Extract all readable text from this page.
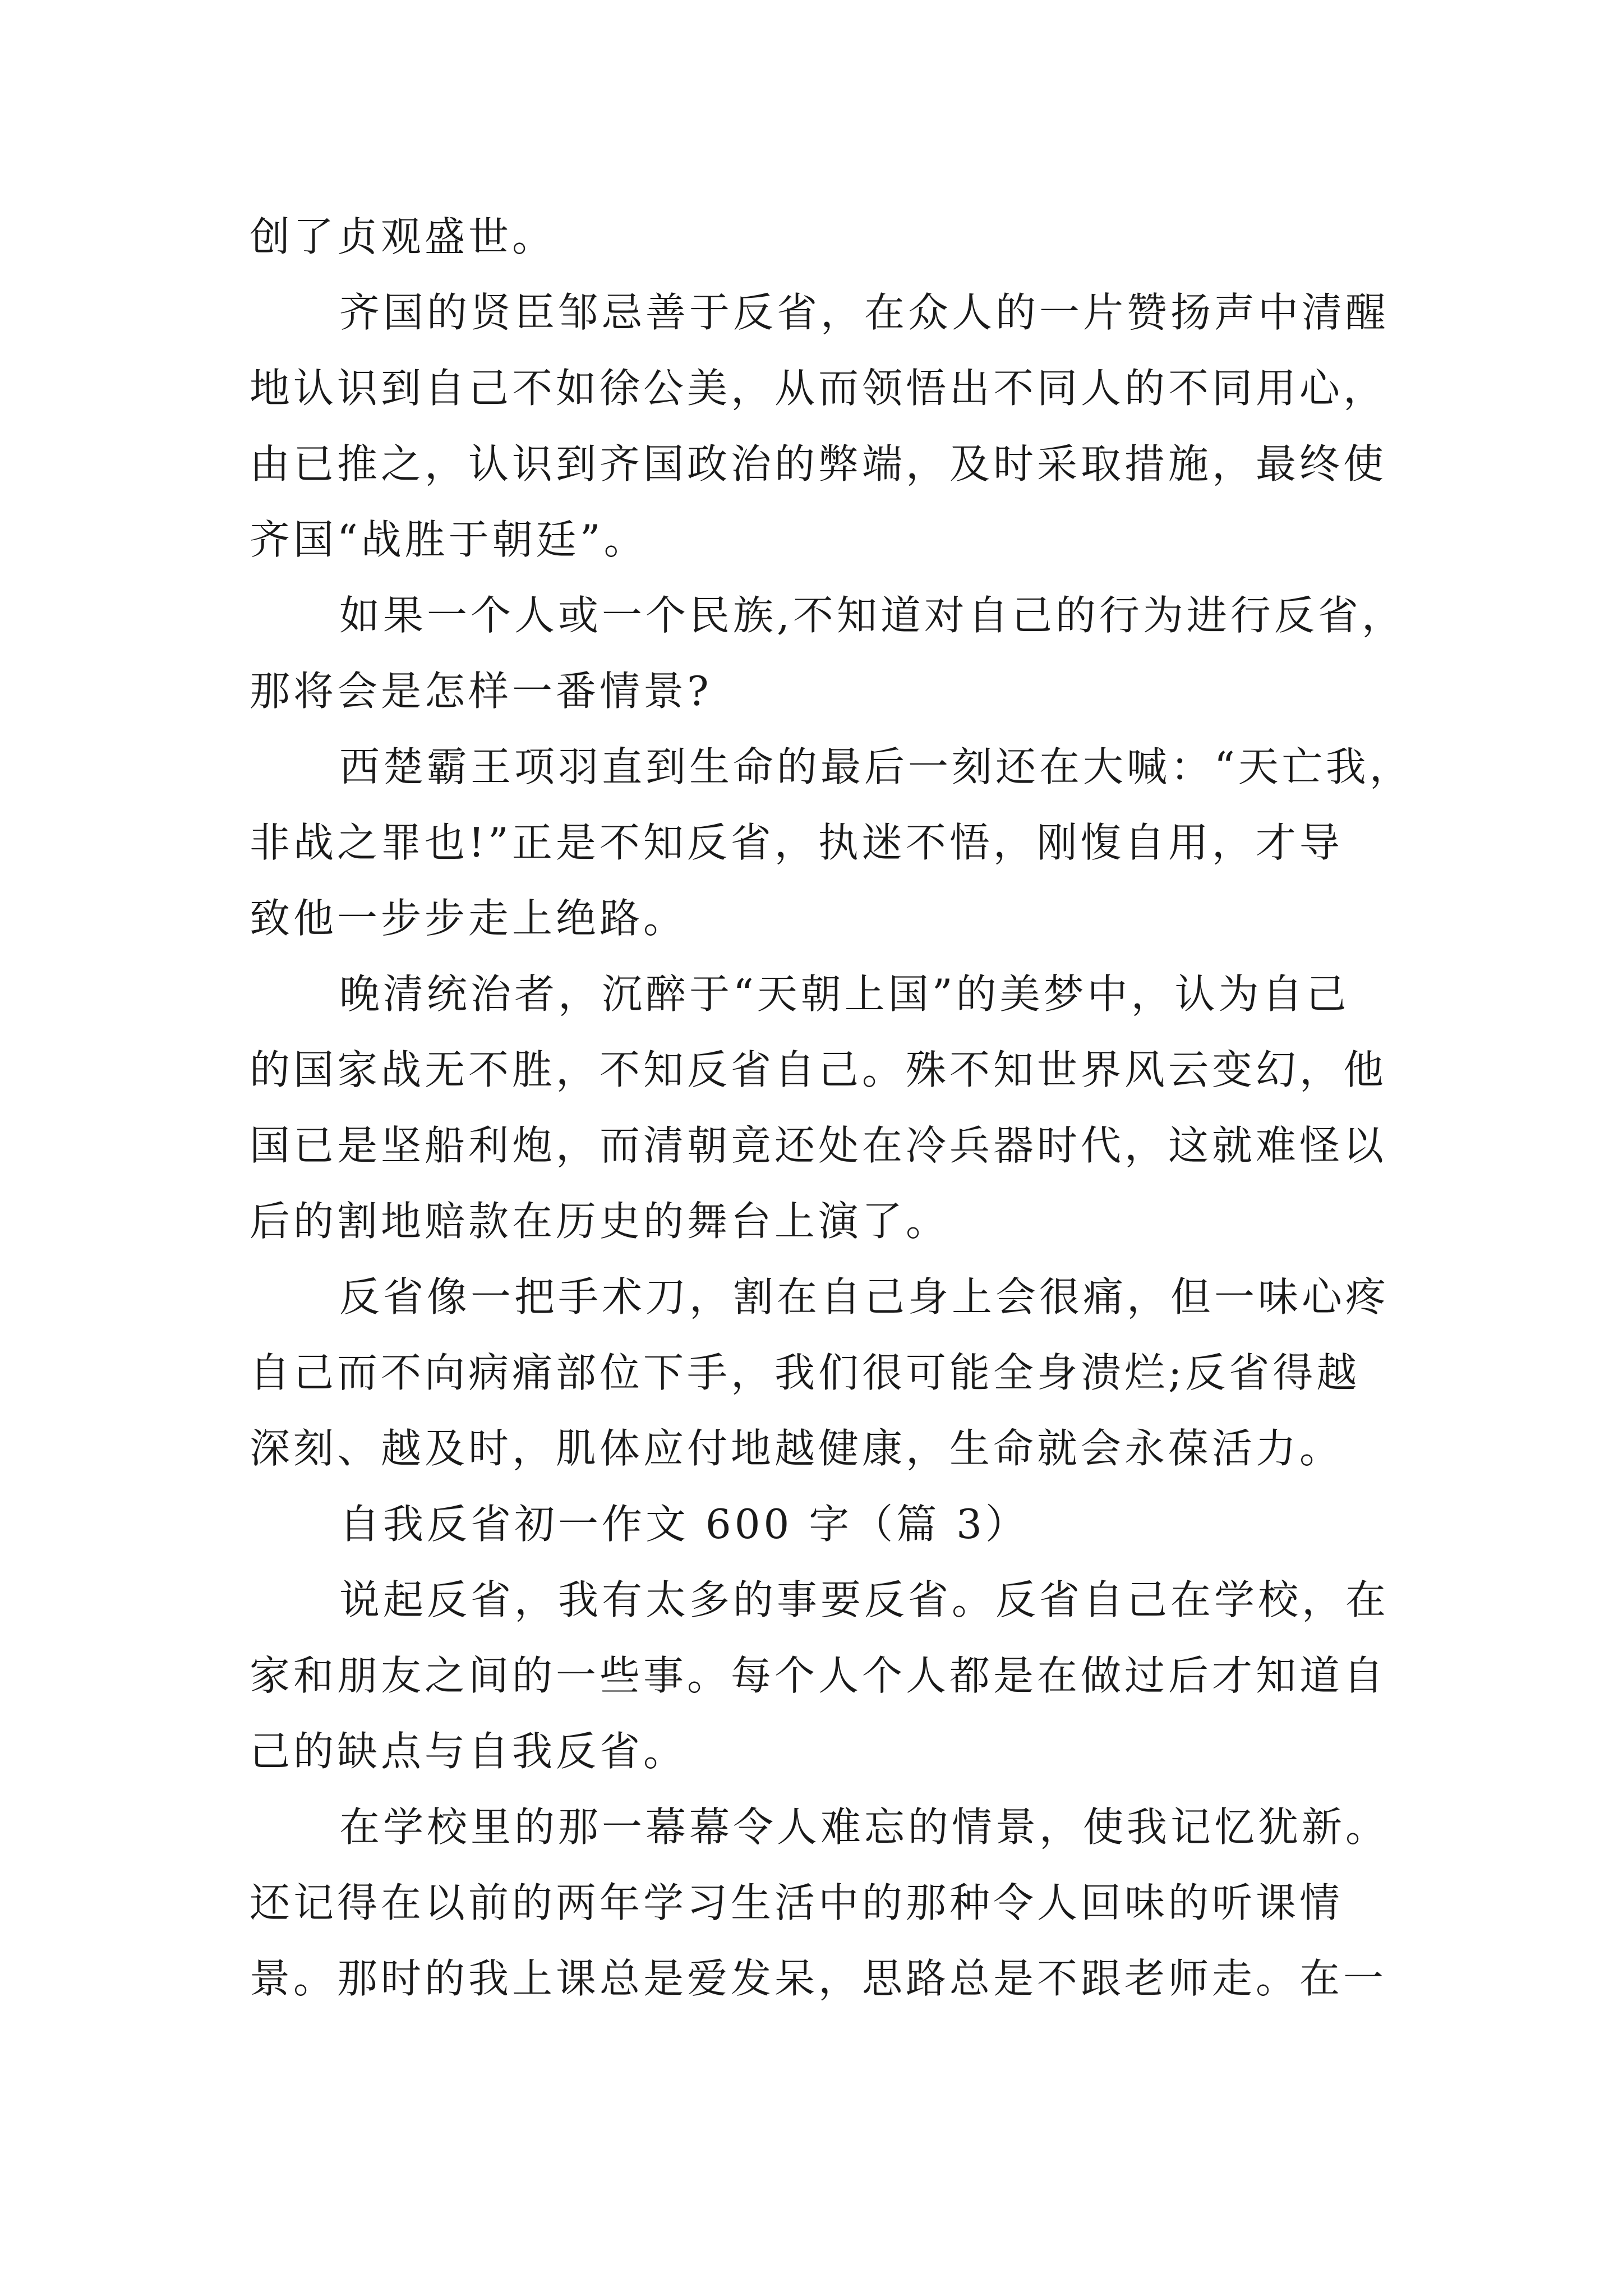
创了贞观盛世。
齐国的贤臣邹忌善于反省，在众人的一片赞扬声中清醒
地认识到自己不如徐公美，从而领悟出不同人的不同用心，
由已推之，认识到齐国政治的弊端，及时采取措施，最终使
齐国“战胜于朝廷”。
如果一个人或一个民族,不知道对自己的行为进行反省，
那将会是怎样一番情景?
西楚霸王项羽直到生命的最后一刻还在大喊：“天亡我，
非战之罪也!”正是不知反省，执迷不悟，刚愎自用，才导
致他一步步走上绝路。
晚清统治者，沉醉于“天朝上国”的美梦中，认为自己
的国家战无不胜，不知反省自己。殊不知世界风云变幻，他
国已是坚船利炮，而清朝竟还处在冷兵器时代，这就难怪以
后的割地赔款在历史的舞台上演了。
反省像一把手术刀，割在自己身上会很痛，但一味心疼
自己而不向病痛部位下手，我们很可能全身溃烂;反省得越
深刻、越及时，肌体应付地越健康，生命就会永葆活力。
自我反省初一作文 600 字（篇 3）
说起反省，我有太多的事要反省。反省自己在学校，在
家和朋友之间的一些事。每个人个人都是在做过后才知道自
己的缺点与自我反省。
在学校里的那一幕幕令人难忘的情景，使我记忆犹新。
还记得在以前的两年学习生活中的那种令人回味的听课情
景。那时的我上课总是爱发呆，思路总是不跟老师走。在一
